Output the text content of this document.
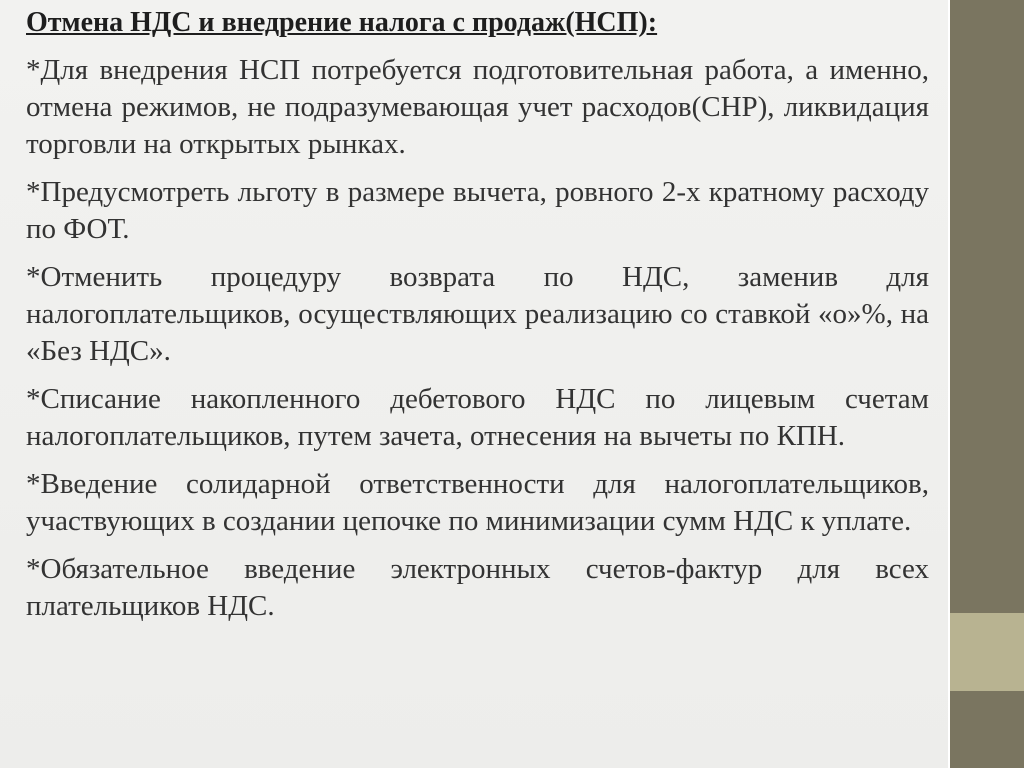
Отмена НДС и внедрение налога с продаж(НСП):
*Для внедрения НСП потребуется подготовительная работа, а именно, отмена режимов, не подразумевающая учет расходов(СНР), ликвидация торговли на открытых рынках.
*Предусмотреть льготу в размере вычета, ровного 2-х кратному расходу по ФОТ.
*Отменить процедуру возврата по НДС, заменив для налогоплательщиков, осуществляющих реализацию со ставкой «о»%, на «Без НДС».
*Списание накопленного дебетового НДС по лицевым счетам налогоплательщиков, путем зачета, отнесения на вычеты по КПН.
*Введение солидарной ответственности для налогоплательщиков, участвующих в создании цепочке по минимизации сумм НДС к уплате.
*Обязательное введение электронных счетов-фактур для всех плательщиков НДС.
